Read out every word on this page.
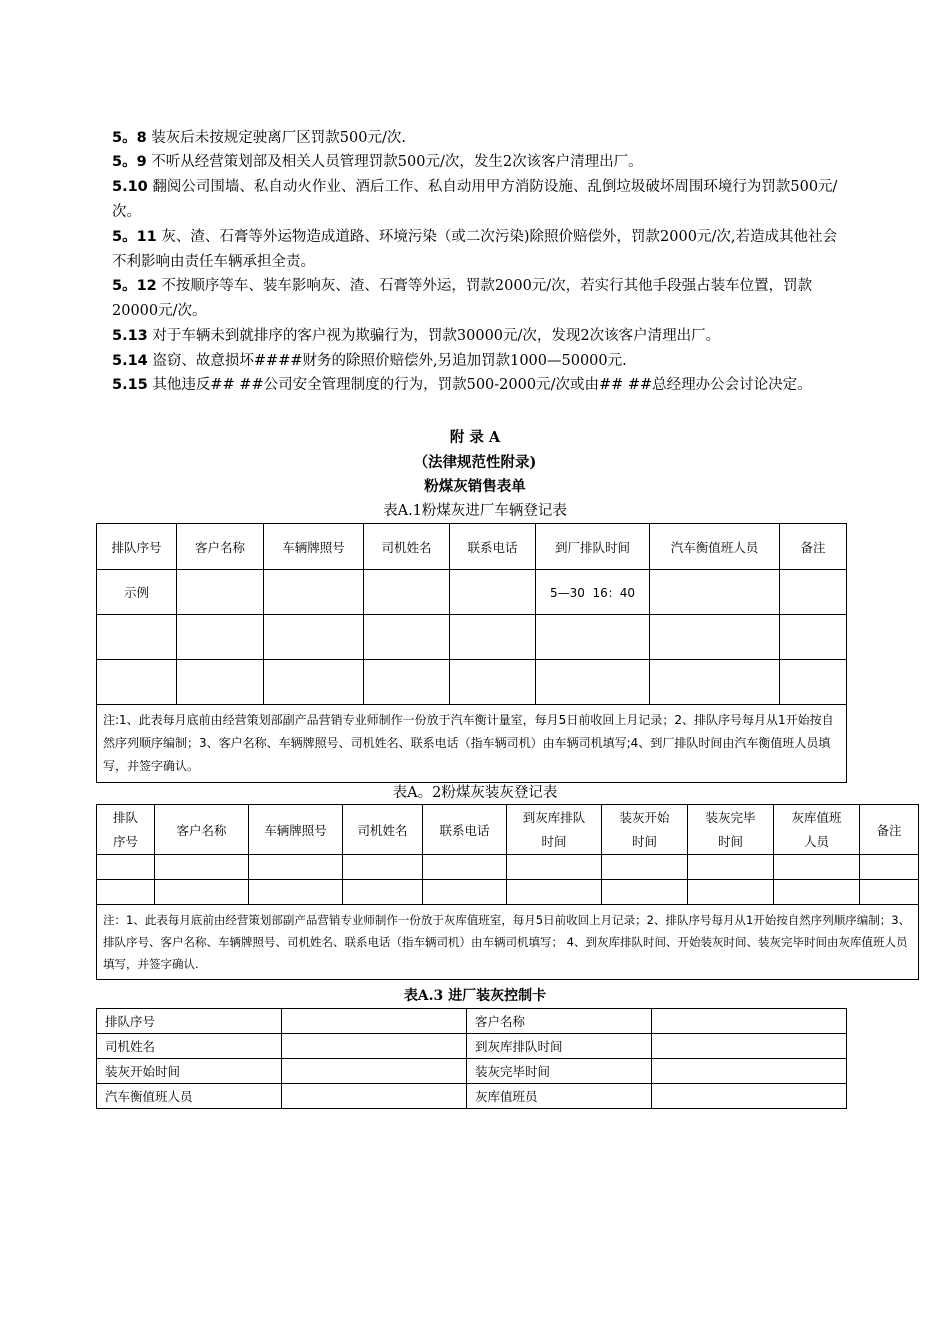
5。8 装灰后未按规定驶离厂区罚款500元/次.

5。9 不听从经营策划部及相关人员管理罚款500元/次，发生2次该客户清理出厂。

5.10 翻阅公司围墙、私自动火作业、酒后工作、私自动用甲方消防设施、乱倒垃圾破坏周围环境行为罚款500元/次。

5。11 灰、渣、石膏等外运物造成道路、环境污染（或二次污染)除照价赔偿外，罚款2000元/次,若造成其他社会不利影响由责任车辆承担全责。

5。12 不按顺序等车、装车影响灰、渣、石膏等外运，罚款2000元/次，若实行其他手段强占装车位置，罚款20000元/次。

5.13 对于车辆未到就排序的客户视为欺骗行为，罚款30000元/次，发现2次该客户清理出厂。

5.14 盗窃、故意损坏####财务的除照价赔偿外,另追加罚款1000—50000元.

5.15 其他违反## ##公司安全管理制度的行为，罚款500-2000元/次或由## ##总经理办公会讨论决定。

附 录 A

（法律规范性附录)

粉煤灰销售表单

表A.1粉煤灰进厂车辆登记表

排队序号	客户名称	车辆牌照号	司机姓名	联系电话	到厂排队时间	汽车衡值班人员	备注
示例					5—30  16：40		

注:1、此表每月底前由经营策划部副产品营销专业师制作一份放于汽车衡计量室，每月5日前收回上月记录；2、排队序号每月从1开始按自然序列顺序编制；3、客户名称、车辆牌照号、司机姓名、联系电话（指车辆司机）由车辆司机填写;4、到厂排队时间由汽车衡值班人员填写，并签字确认。							

表A。2粉煤灰装灰登记表

排队序号	客户名称	车辆牌照号	司机姓名	联系电话	到灰库排队时间	装灰开始时间	装灰完毕时间	灰库值班人员	备注

注：1、此表每月底前由经营策划部副产品营销专业师制作一份放于灰库值班室，每月5日前收回上月记录；2、排队序号每月从1开始按自然序列顺序编制；3、排队序号、客户名称、车辆牌照号、司机姓名、联系电话（指车辆司机）由车辆司机填写； 4、到灰库排队时间、开始装灰时间、装灰完毕时间由灰库值班人员填写，并签字确认.									

表A.3 进厂装灰控制卡

排队序号		客户名称	
司机姓名		到灰库排队时间	
装灰开始时间		装灰完毕时间	
汽车衡值班人员		灰库值班员	
